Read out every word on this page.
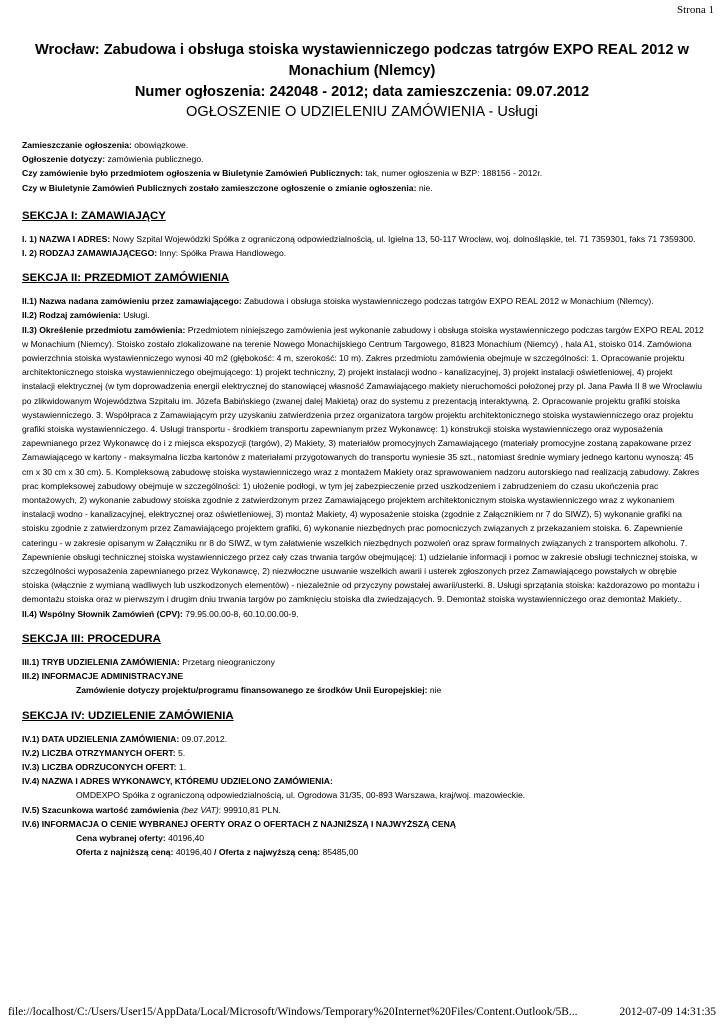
Strona 1
Wrocław: Zabudowa i obsługa stoiska wystawienniczego podczas tatrgów EXPO REAL 2012 w
Monachium (Nlemcy)
Numer ogłoszenia: 242048 - 2012; data zamieszczenia: 09.07.2012
OGŁOSZENIE O UDZIELENIU ZAMÓWIENIA - Usługi

Zamieszczanie ogłoszenia: obowiązkowe.

Ogłoszenie dotyczy: zamówienia publicznego.

Czy zamówienie było przedmiotem ogłoszenia w Biuletynie Zamówień Publicznych: tak, numer ogłoszenia w BZP: 188156 - 2012r.

Czy w Biuletynie Zamówień Publicznych zostało zamieszczone ogłoszenie o zmianie ogłoszenia: nie.

SEKCJA I: ZAMAWIAJĄCY

I. 1) NAZWA I ADRES: Nowy Szpital Wojewódzki Spółka z ograniczoną odpowiedzialnością, ul. Igielna 13, 50-117 Wrocław, woj. dolnośląskie, tel. 71 7359301, faks 71 7359300.

I. 2) RODZAJ ZAMAWIAJĄCEGO: Inny: Spółka Prawa Handlowego.

SEKCJA II: PRZEDMIOT ZAMÓWIENIA

II.1) Nazwa nadana zamówieniu przez zamawiającego: Zabudowa i obsługa stoiska wystawienniczego podczas tatrgów EXPO REAL 2012 w Monachium (Nlemcy).

II.2) Rodzaj zamówienia: Usługi.

II.3) Określenie przedmiotu zamówienia: Przedmiotem niniejszego zamówienia jest wykonanie zabudowy i obsługa stoiska wystawienniczego podczas targów EXPO REAL 2012 w Monachium (Niemcy). Stoisko zostało zlokalizowane na terenie Nowego Monachijskiego Centrum Targowego, 81823 Monachium (Niemcy) , hala A1, stoisko 014. Zamówiona powierzchnia stoiska wystawienniczego wynosi 40 m2 (głębokość: 4 m, szerokość: 10 m). Zakres przedmiotu zamówienia obejmuje w szczególności: 1. Opracowanie projektu architektonicznego stoiska wystawienniczego obejmującego: 1) projekt techniczny, 2) projekt instalacji wodno - kanalizacyjnej, 3) projekt instalacji oświetleniowej, 4) projekt instalacji elektrycznej (w tym doprowadzenia energii elektrycznej do stanowiącej własność Zamawiającego makiety nieruchomości położonej przy pl. Jana Pawła II 8 we Wrocławiu po zlikwidowanym Województwa Szpitalu im. Józefa Babińskiego (zwanej dalej Makietą) oraz do systemu z prezentacją interaktywną. 2. Opracowanie projektu grafiki stoiska wystawienniczego. 3. Współpraca z Zamawiającym przy uzyskaniu zatwierdzenia przez organizatora targów projektu architektonicznego stoiska wystawienniczego oraz projektu grafiki stoiska wystawienniczego. 4. Usługi transportu - środkiem transportu zapewnianym przez Wykonawcę: 1) konstrukcji stoiska wystawienniczego oraz wyposażenia zapewnianego przez Wykonawcę do i z miejsca ekspozycji (targów), 2) Makiety, 3) materiałów promocyjnych Zamawiającego (materiały promocyjne zostaną zapakowane przez Zamawiającego w kartony - maksymalna liczba kartonów z materiałami przygotowanych do transportu wyniesie 35 szt., natomiast średnie wymiary jednego kartonu wynoszą: 45 cm x 30 cm x 30 cm). 5. Kompleksową zabudowę stoiska wystawienniczego wraz z montażem Makiety oraz sprawowaniem nadzoru autorskiego nad realizacją zabudowy. Zakres prac kompleksowej zabudowy obejmuje w szczególności: 1) ułożenie podłogi, w tym jej zabezpieczenie przed uszkodzeniem i zabrudzeniem do czasu ukończenia prac montażowych, 2) wykonanie zabudowy stoiska zgodnie z zatwierdzonym przez Zamawiającego projektem architektonicznym stoiska wystawienniczego wraz z wykonaniem instalacji wodno - kanalizacyjnej, elektrycznej oraz oświetleniowej, 3) montaż Makiety, 4) wyposażenie stoiska (zgodnie z Załącznikiem nr 7 do SIWZ), 5) wykonanie grafiki na stoisku zgodnie z zatwierdzonym przez Zamawiającego projektem grafiki, 6) wykonanie niezbędnych prac pomocniczych związanych z przekazaniem stoiska. 6. Zapewnienie cateringu - w zakresie opisanym w Załączniku nr 8 do SIWZ, w tym załatwienie wszelkich niezbędnych pozwoleń oraz spraw formalnych związanych z transportem alkoholu. 7. Zapewnienie obsługi technicznej stoiska wystawienniczego przez cały czas trwania targów obejmującej: 1) udzielanie informacji i pomoc w zakresie obsługi technicznej stoiska, w szczególności wyposażenia zapewnianego przez Wykonawcę, 2) niezwłoczne usuwanie wszelkich awarii i usterek zgłoszonych przez Zamawiającego powstałych w obrębie stoiska (włącznie z wymianą wadliwych lub uszkodzonych elementów) - niezależnie od przyczyny powstałej awarii/usterki. 8. Usługi sprzątania stoiska: każdorazowo po montażu i demontażu stoiska oraz w pierwszym i drugim dniu trwania targów po zamknięciu stoiska dla zwiedzających. 9. Demontaż stoiska wystawienniczego oraz demontaż Makiety..

II.4) Wspólny Słownik Zamówień (CPV): 79.95.00.00-8, 60.10.00.00-9.

SEKCJA III: PROCEDURA

III.1) TRYB UDZIELENIA ZAMÓWIENIA: Przetarg nieograniczony

III.2) INFORMACJE ADMINISTRACYJNE

Zamówienie dotyczy projektu/programu finansowanego ze środków Unii Europejskiej: nie

SEKCJA IV: UDZIELENIE ZAMÓWIENIA

IV.1) DATA UDZIELENIA ZAMÓWIENIA: 09.07.2012.

IV.2) LICZBA OTRZYMANYCH OFERT: 5.

IV.3) LICZBA ODRZUCONYCH OFERT: 1.

IV.4) NAZWA I ADRES WYKONAWCY, KTÓREMU UDZIELONO ZAMÓWIENIA:

OMDEXPO Spółka z ograniczoną odpowiedzialnością, ul. Ogrodowa 31/35, 00-893 Warszawa, kraj/woj. mazowieckie.

IV.5) Szacunkowa wartość zamówienia (bez VAT): 99910,81 PLN.

IV.6) INFORMACJA O CENIE WYBRANEJ OFERTY ORAZ O OFERTACH Z NAJNIŻSZĄ I NAJWYŻSZĄ CENĄ

Cena wybranej oferty: 40196,40

Oferta z najniższą ceną: 40196,40 / Oferta z najwyższą ceną: 85485,00

file://localhost/C:/Users/User15/AppData/Local/Microsoft/Windows/Temporary%20Internet%20Files/Content.Outlook/5B...	2012-07-09 14:31:35
